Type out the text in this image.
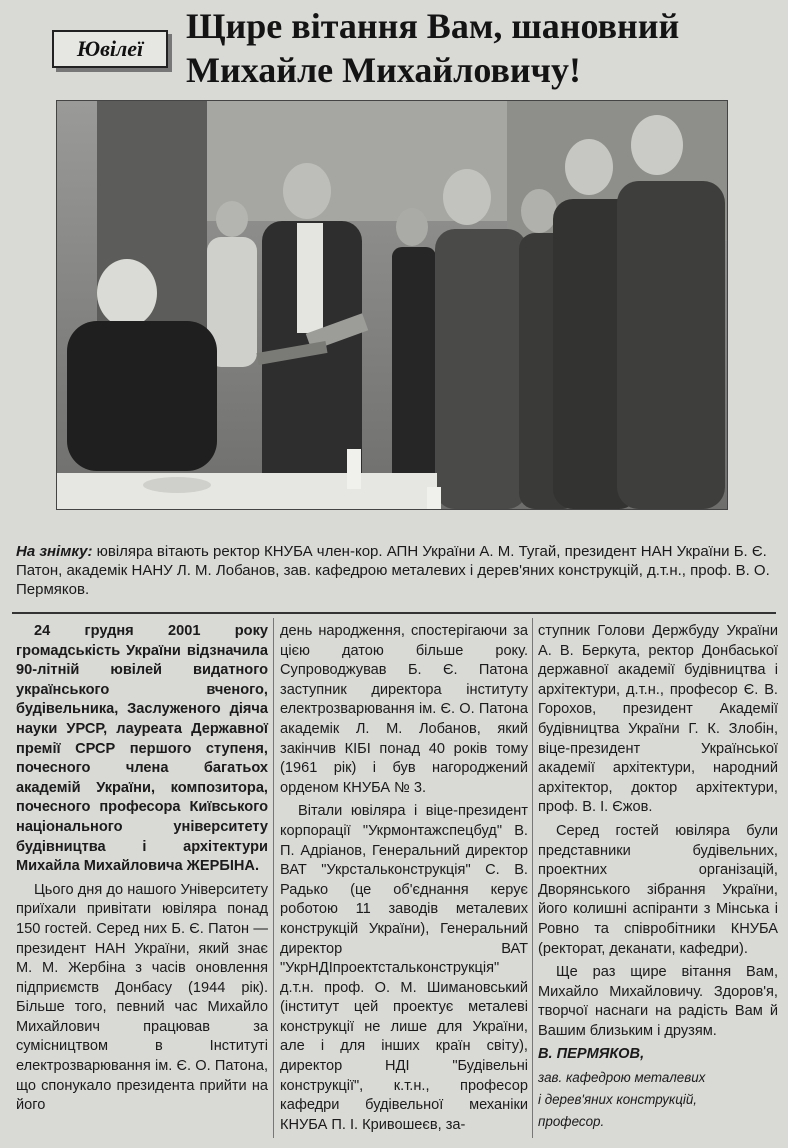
Ювілеї
Щире вітання Вам, шановний
Михайле Михайловичу!
На знімку: ювіляра вітають ректор КНУБА член-кор. АПН України А. М. Тугай, президент НАН України Б. Є. Патон, академік НАНУ Л. М. Лобанов, зав. кафедрою металевих і дерев'яних конструкцій, д.т.н., проф. В. О. Пермяков.

24 грудня 2001 року громадськість України відзначила 90-літній ювілей видатного українського вченого, будівельника, Заслуженого діяча науки УРСР, лауреата Державної премії СРСР першого ступеня, почесного члена багатьох академій України, композитора, почесного професора Київського національного університету будівництва і архітектури Михайла Михайловича ЖЕРБІНА.

Цього дня до нашого Університету приїхали привітати ювіляра понад 150 гостей. Серед них Б. Є. Патон — президент НАН України, який знає М. М. Жербіна з часів оновлення підприємств Донбасу (1944 рік). Більше того, певний час Михайло Михайлович працював за сумісництвом в Інституті електрозварювання ім. Є. О. Патона, що спонукало президента прийти на його

день народження, спостерігаючи за цією датою більше року. Супроводжував Б. Є. Патона заступник директора інституту електрозварювання ім. Є. О. Патона академік Л. М. Лобанов, який закінчив КІБІ понад 40 років тому (1961 рік) і був нагороджений орденом КНУБА № 3.

Вітали ювіляра і віце-президент корпорації "Укрмонтажспецбуд" В. П. Адріанов, Генеральний директор ВАТ "Укрстальконструкція" С. В. Радько (це об'єднання керує роботою 11 заводів металевих конструкцій України), Генеральний директор ВАТ "УкрНДІпроектстальконструкція" д.т.н. проф. О. М. Шимановський (інститут цей проектує металеві конструкції не лише для України, але і для інших країн світу), директор НДІ "Будівельні конструкції", к.т.н., професор кафедри будівельної механіки КНУБА П. І. Кривошеєв, за-

ступник Голови Держбуду України А. В. Беркута, ректор Донбаської державної академії будівництва і архітектури, д.т.н., професор Є. В. Горохов, президент Академії будівництва України Г. К. Злобін, віце-президент Української академії архітектури, народний архітектор, доктор архітектури, проф. В. І. Єжов.

Серед гостей ювіляра були представники будівельних, проектних організацій, Дворянського зібрання України, його колишні аспіранти з Мінська і Ровно та співробітники КНУБА (ректорат, деканати, кафедри).

Ще раз щире вітання Вам, Михайло Михайловичу. Здоров'я, творчої наснаги на радість Вам й Вашим близьким і друзям.

В. ПЕРМЯКОВ,

зав. кафедрою металевих

і дерев'яних конструкцій,

професор.
